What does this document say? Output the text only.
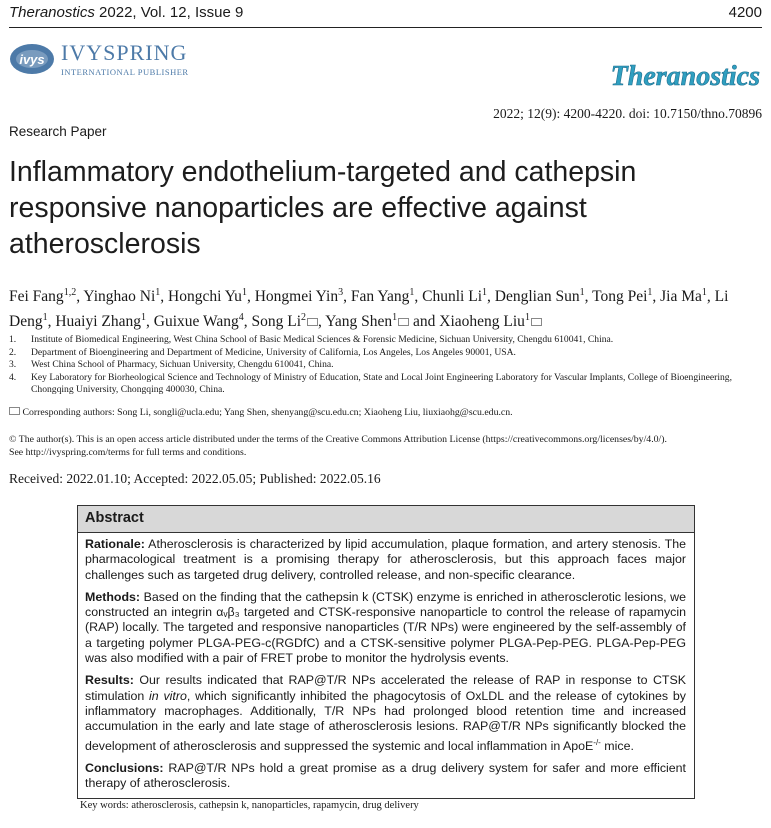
Theranostics 2022, Vol. 12, Issue 9	4200
ivys IVYSPRING
INTERNATIONAL PUBLISHER	Theranostics
2022; 12(9): 4200-4220. doi: 10.7150/thno.70896
Research Paper
Inflammatory endothelium-targeted and cathepsin
responsive nanoparticles are effective against
atherosclerosis
Fei Fang$^{1,2}$, Yinghao Ni$^1$, Hongchi Yu$^1$, Hongmei Yin$^3$, Fan Yang$^1$, Chunli Li$^1$, Denglian Sun$^1$, Tong Pei$^1$, Jia Ma$^1$, Li Deng$^1$, Huaiyi Zhang$^1$, Guixue Wang$^4$, Song Li$^2$ , Yang Shen$^1$ and Xiaoheng Liu$^1$
1. Institute of Biomedical Engineering, West China School of Basic Medical Sciences & Forensic Medicine, Sichuan University, Chengdu 610041, China.
2. Department of Bioengineering and Department of Medicine, University of California, Los Angeles, Los Angeles 90001, USA.
3. West China School of Pharmacy, Sichuan University, Chengdu 610041, China.
4. Key Laboratory for Biorheological Science and Technology of Ministry of Education, State and Local Joint Engineering Laboratory for Vascular Implants, College of Bioengineering, Chongqing University, Chongqing 400030, China.
Corresponding authors: Song Li, songli@ucla.edu; Yang Shen, shenyang@scu.edu.cn; Xiaoheng Liu, liuxiaohg@scu.edu.cn.
© The author(s). This is an open access article distributed under the terms of the Creative Commons Attribution License (https://creativecommons.org/licenses/by/4.0/).
See http://ivyspring.com/terms for full terms and conditions.
Received: 2022.01.10; Accepted: 2022.05.05; Published: 2022.05.16
Abstract

Rationale: Atherosclerosis is characterized by lipid accumulation, plaque formation, and artery stenosis. The pharmacological treatment is a promising therapy for atherosclerosis, but this approach faces major challenges such as targeted drug delivery, controlled release, and non-specific clearance.

Methods: Based on the finding that the cathepsin k (CTSK) enzyme is enriched in atherosclerotic lesions, we constructed an integrin αᵥβ₃ targeted and CTSK-responsive nanoparticle to control the release of rapamycin (RAP) locally. The targeted and responsive nanoparticles (T/R NPs) were engineered by the self-assembly of a targeting polymer PLGA-PEG-c(RGDfC) and a CTSK-sensitive polymer PLGA-Pep-PEG. PLGA-Pep-PEG was also modified with a pair of FRET probe to monitor the hydrolysis events.

Results: Our results indicated that RAP@T/R NPs accelerated the release of RAP in response to CTSK stimulation in vitro, which significantly inhibited the phagocytosis of OxLDL and the release of cytokines by inflammatory macrophages. Additionally, T/R NPs had prolonged blood retention time and increased accumulation in the early and late stage of atherosclerosis lesions. RAP@T/R NPs significantly blocked the development of atherosclerosis and suppressed the systemic and local inflammation in ApoE-/- mice.

Conclusions: RAP@T/R NPs hold a great promise as a drug delivery system for safer and more efficient therapy of atherosclerosis.

Key words: atherosclerosis, cathepsin k, nanoparticles, rapamycin, drug delivery
